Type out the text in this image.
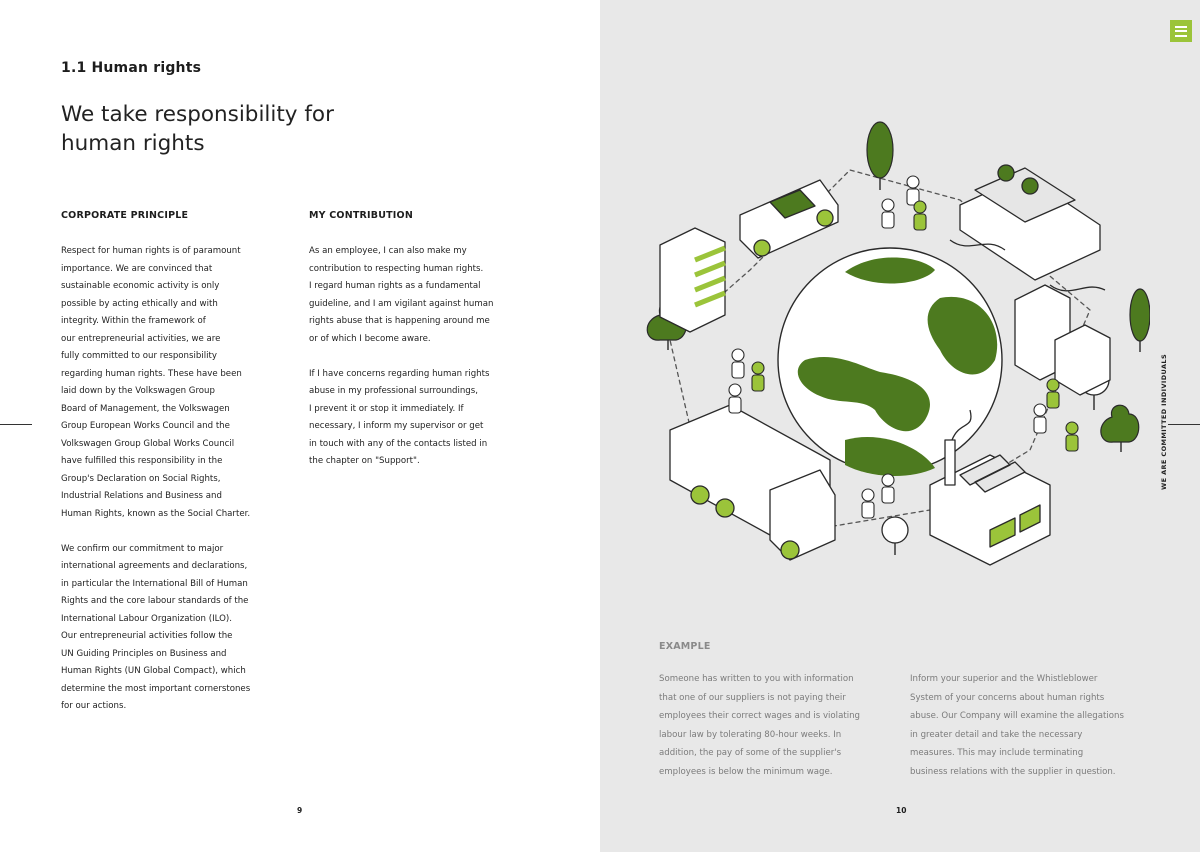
1.1 Human rights
We take responsibility for
human rights
CORPORATE PRINCIPLE

Respect for human rights is of paramount
importance. We are convinced that
sustainable economic activity is only
possible by acting ethically and with
integrity. Within the framework of
our entrepreneurial activities, we are
fully committed to our responsibility
regarding human rights. These have been
laid down by the Volkswagen Group
Board of Management, the Volkswagen
Group European Works Council and the
Volkswagen Group Global Works Council
have fulfilled this responsibility in the
Group's Declaration on Social Rights,
Industrial Relations and Business and
Human Rights, known as the Social Charter.

We confirm our commitment to major
international agreements and declarations,
in particular the International Bill of Human
Rights and the core labour standards of the
International Labour Organization (ILO).
Our entrepreneurial activities follow the
UN Guiding Principles on Business and
Human Rights (UN Global Compact), which
determine the most important cornerstones
for our actions.

MY CONTRIBUTION

As an employee, I can also make my
contribution to respecting human rights.
I regard human rights as a fundamental
guideline, and I am vigilant against human
rights abuse that is happening around me
or of which I become aware.

If I have concerns regarding human rights
abuse in my professional surroundings,
I prevent it or stop it immediately. If
necessary, I inform my supervisor or get
in touch with any of the contacts listed in
the chapter on "Support".

9	10
WE ARE COMMITTED INDIVIDUALS
EXAMPLE

Someone has written to you with information
that one of our suppliers is not paying their
employees their correct wages and is violating
labour law by tolerating 80-hour weeks. In
addition, the pay of some of the supplier's
employees is below the minimum wage.

Inform your superior and the Whistleblower
System of your concerns about human rights
abuse. Our Company will examine the allegations
in greater detail and take the necessary
measures. This may include terminating
business relations with the supplier in question.
